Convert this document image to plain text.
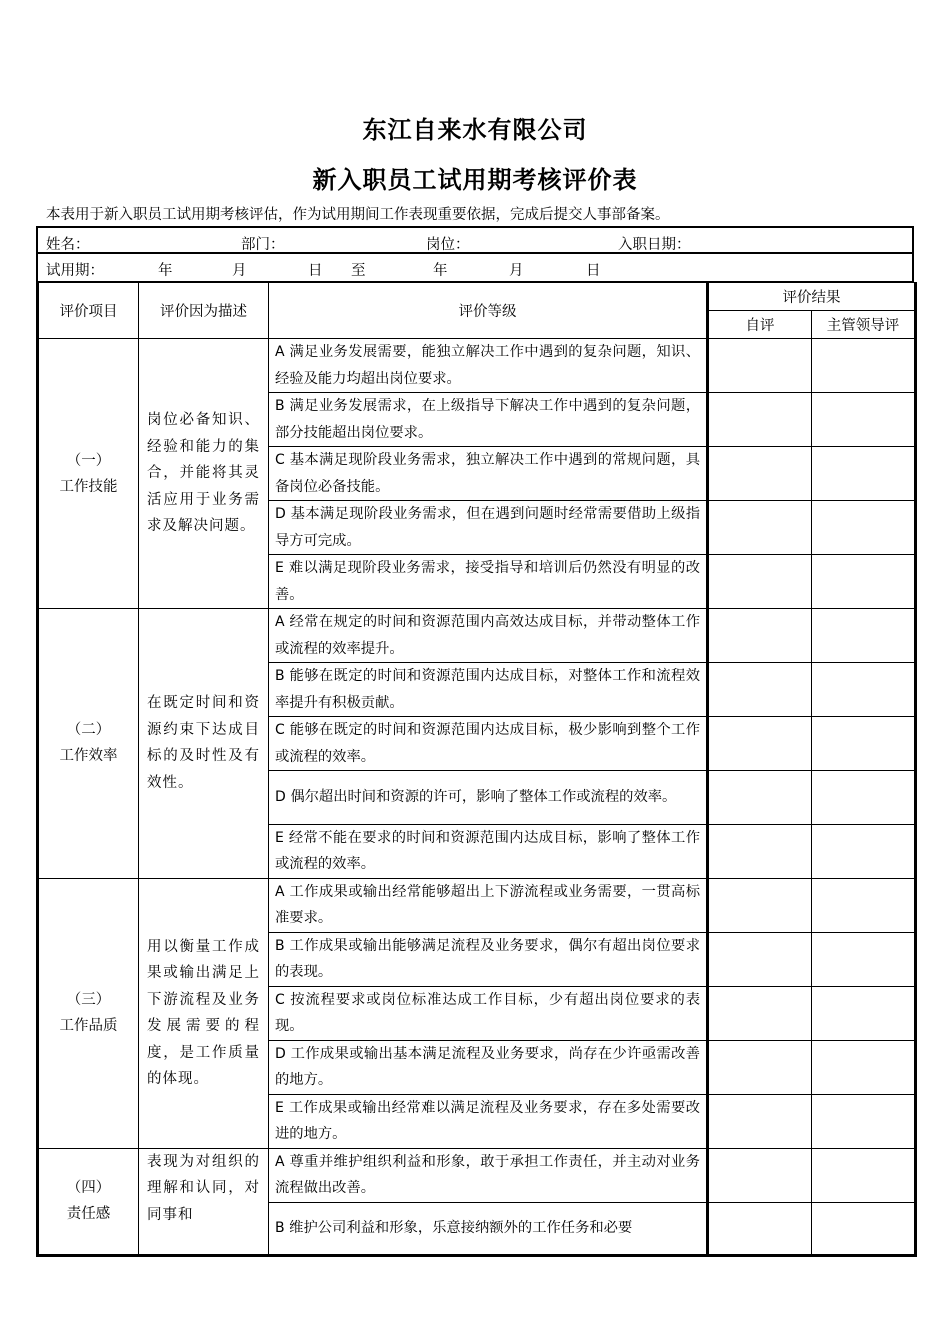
东江自来水有限公司
新入职员工试用期考核评价表
本表用于新入职员工试用期考核评估，作为试用期间工作表现重要依据，完成后提交人事部备案。
姓名：	部门：	岗位：	入职日期：
试用期：	年	月	日 至	年	月	日
评价项目	评价因为描述	评价等级	评价结果	
			自评	主管领导评

（一）
工作技能	岗位必备知识、经验和能力的集合，并能将其灵活应用于业务需求及解决问题。	A 满足业务发展需要，能独立解决工作中遇到的复杂问题，知识、经验及能力均超出岗位要求。		

		B 满足业务发展需求，在上级指导下解决工作中遇到的复杂问题，部分技能超出岗位要求。		

		C 基本满足现阶段业务需求，独立解决工作中遇到的常规问题，具备岗位必备技能。		

		D 基本满足现阶段业务需求，但在遇到问题时经常需要借助上级指导方可完成。		

		E 难以满足现阶段业务需求，接受指导和培训后仍然没有明显的改善。		

（二）
工作效率	在既定时间和资源约束下达成目标的及时性及有效性。	A 经常在规定的时间和资源范围内高效达成目标，并带动整体工作或流程的效率提升。		

		B 能够在既定的时间和资源范围内达成目标，对整体工作和流程效　率提升有积极贡献。		

		C 能够在既定的时间和资源范围内达成目标，极少影响到整个工作　或流程的效率。		

		D 偶尔超出时间和资源的许可，影响了整体工作或流程的效率。		

		E 经常不能在要求的时间和资源范围内达成目标，影响了整体工作　或流程的效率。		

（三）
工作品质	用以衡量工作成果或输出满足上下游流程及业务发展需要的程度，是工作质量的体现。	A 工作成果或输出经常能够超出上下游流程或业务需要，一贯高标　准要求。		

		B 工作成果或输出能够满足流程及业务要求，偶尔有超出岗位要求的表现。		

		C 按流程要求或岗位标准达成工作目标，少有超出岗位要求的表现。		

		D 工作成果或输出基本满足流程及业务要求，尚存在少许亟需改善　的地方。		

		E 工作成果或输出经常难以满足流程及业务要求，存在多处需要改进的地方。		

（四）
责任感	表现为对组织的理解和认同，对同事和	A 尊重并维护组织利益和形象，敢于承担工作责任，并主动对业务流程做出改善。		

		B 维护公司利益和形象，乐意接纳额外的工作任务和必要		
